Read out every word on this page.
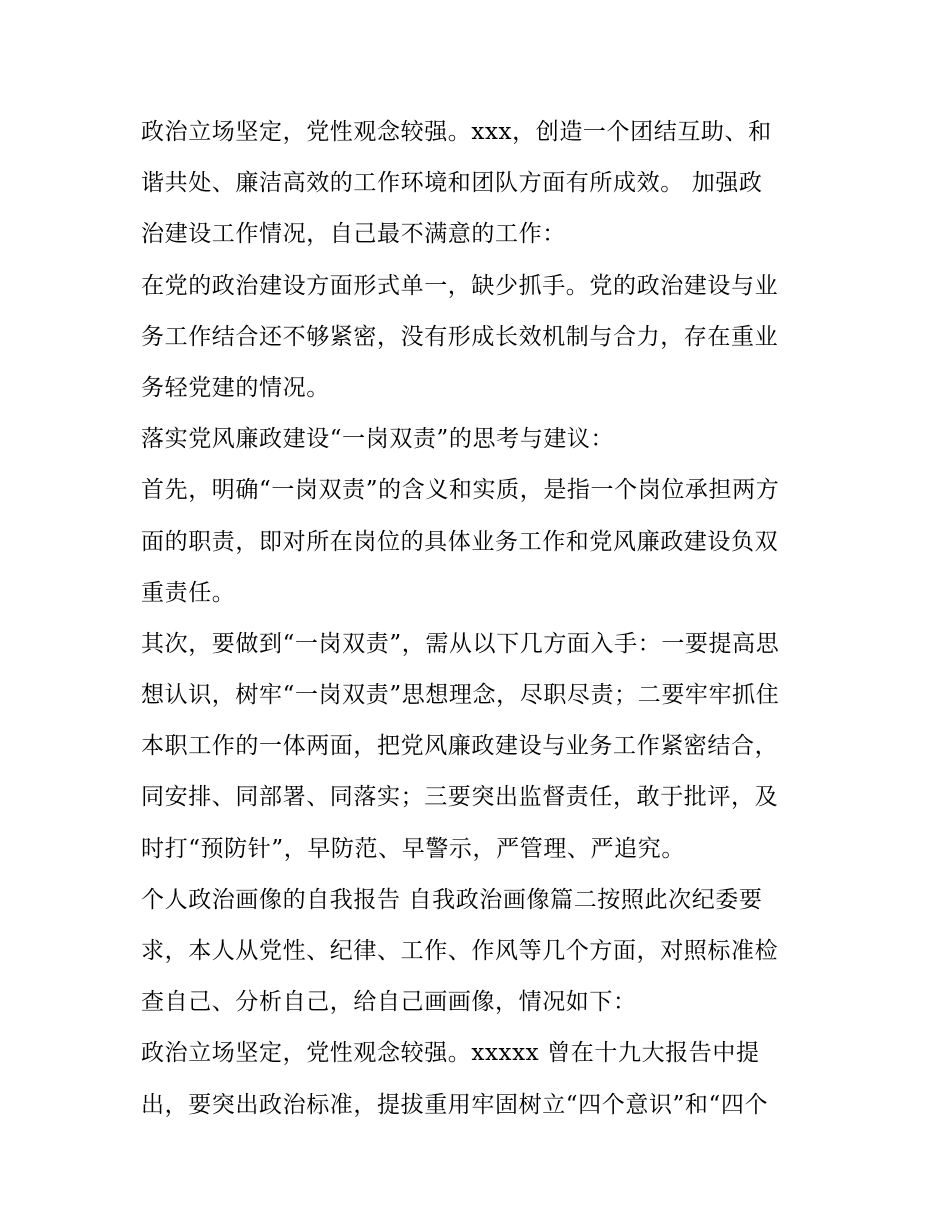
政治立场坚定，党性观念较强。xxx，创造一个团结互助、和
谐共处、廉洁高效的工作环境和团队方面有所成效。 加强政
治建设工作情况，自己最不满意的工作：
在党的政治建设方面形式单一，缺少抓手。党的政治建设与业
务工作结合还不够紧密，没有形成长效机制与合力，存在重业
务轻党建的情况。
落实党风廉政建设“一岗双责”的思考与建议：
首先，明确“一岗双责”的含义和实质，是指一个岗位承担两方
面的职责，即对所在岗位的具体业务工作和党风廉政建设负双
重责任。
其次，要做到“一岗双责”，需从以下几方面入手：一要提高思
想认识，树牢“一岗双责”思想理念，尽职尽责；二要牢牢抓住
本职工作的一体两面，把党风廉政建设与业务工作紧密结合，
同安排、同部署、同落实；三要突出监督责任，敢于批评，及
时打“预防针”，早防范、早警示，严管理、严追究。
个人政治画像的自我报告 自我政治画像篇二按照此次纪委要
求，本人从党性、纪律、工作、作风等几个方面，对照标准检
查自己、分析自己，给自己画画像，情况如下：
政治立场坚定，党性观念较强。xxxxx 曾在十九大报告中提
出，要突出政治标准，提拔重用牢固树立“四个意识”和“四个
